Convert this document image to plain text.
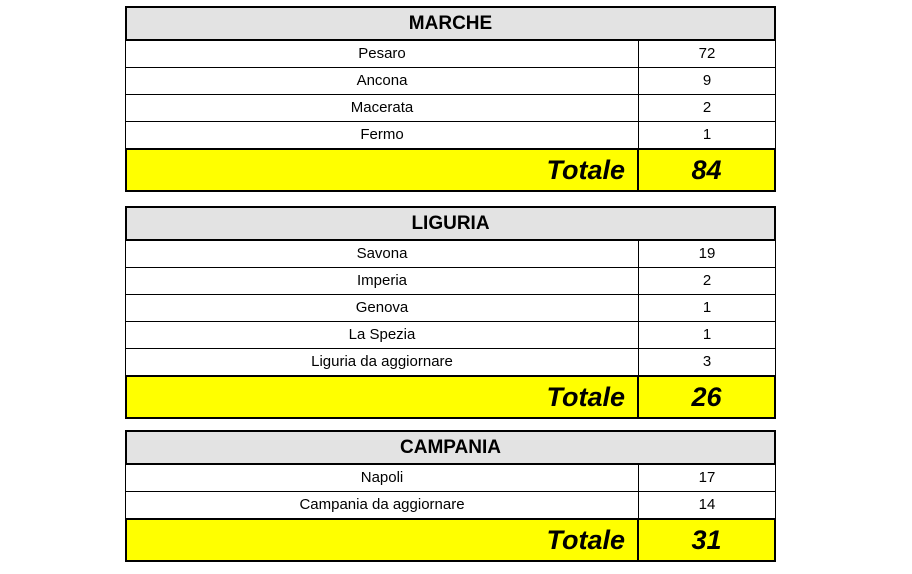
MARCHE
Pesaro	72
Ancona	9
Macerata	2
Fermo	1
Totale	84
LIGURIA
Savona	19
Imperia	2
Genova	1
La Spezia	1
Liguria da aggiornare	3
Totale	26
CAMPANIA
Napoli	17
Campania da aggiornare	14
Totale	31
